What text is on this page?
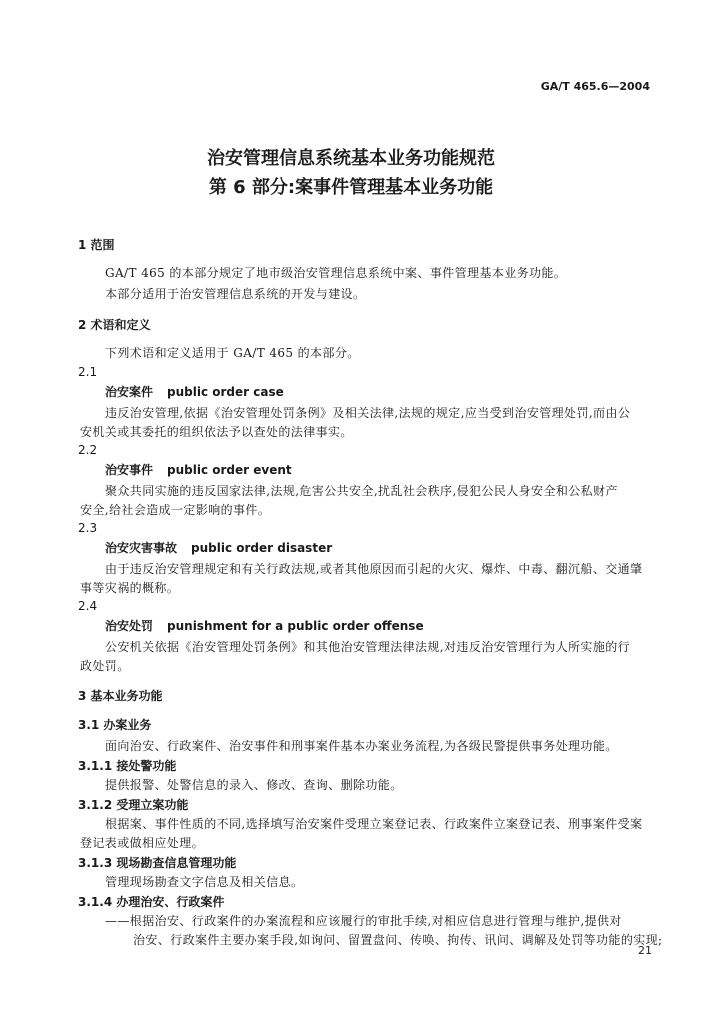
GA/T 465.6—2004
治安管理信息系统基本业务功能规范
第 6 部分:案事件管理基本业务功能
1 范围
GA/T 465 的本部分规定了地市级治安管理信息系统中案、事件管理基本业务功能。
本部分适用于治安管理信息系统的开发与建设。
2 术语和定义
下列术语和定义适用于 GA/T 465 的本部分。
2.1
治安案件 public order case
违反治安管理,依据《治安管理处罚条例》及相关法律,法规的规定,应当受到治安管理处罚,而由公
安机关或其委托的组织依法予以查处的法律事实。
2.2
治安事件 public order event
聚众共同实施的违反国家法律,法规,危害公共安全,扰乱社会秩序,侵犯公民人身安全和公私财产
安全,给社会造成一定影响的事件。
2.3
治安灾害事故 public order disaster
由于违反治安管理规定和有关行政法规,或者其他原因而引起的火灾、爆炸、中毒、翻沉船、交通肇
事等灾祸的概称。
2.4
治安处罚 punishment for a public order offense
公安机关依据《治安管理处罚条例》和其他治安管理法律法规,对违反治安管理行为人所实施的行
政处罚。
3 基本业务功能
3.1 办案业务
面向治安、行政案件、治安事件和刑事案件基本办案业务流程,为各级民警提供事务处理功能。
3.1.1 接处警功能
提供报警、处警信息的录入、修改、查询、删除功能。
3.1.2 受理立案功能
根据案、事件性质的不同,选择填写治安案件受理立案登记表、行政案件立案登记表、刑事案件受案
登记表或做相应处理。
3.1.3 现场勘查信息管理功能
管理现场勘查文字信息及相关信息。
3.1.4 办理治安、行政案件
——根据治安、行政案件的办案流程和应该履行的审批手续,对相应信息进行管理与维护,提供对
治安、行政案件主要办案手段,如询问、留置盘问、传唤、拘传、讯问、调解及处罚等功能的实现;
21
